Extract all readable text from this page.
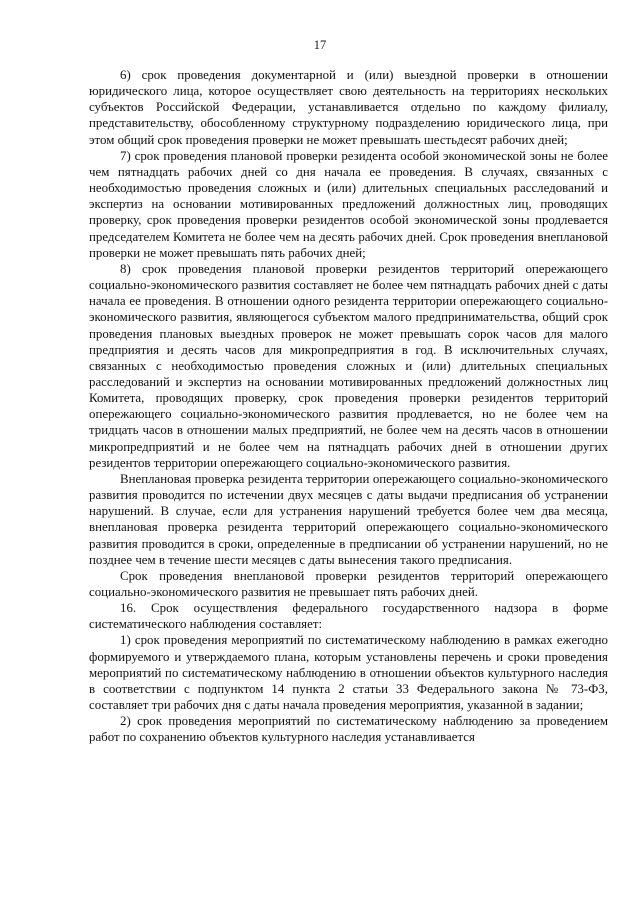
17

6) срок проведения документарной и (или) выездной проверки в отношении юридического лица, которое осуществляет свою деятельность на территориях нескольких субъектов Российской Федерации, устанавливается отдельно по каждому филиалу, представительству, обособленному структурному подразделению юридического лица, при этом общий срок проведения проверки не может превышать шестьдесят рабочих дней;

7) срок проведения плановой проверки резидента особой экономической зоны не более чем пятнадцать рабочих дней со дня начала ее проведения. В случаях, связанных с необходимостью проведения сложных и (или) длительных специальных расследований и экспертиз на основании мотивированных предложений должностных лиц, проводящих проверку, срок проведения проверки резидентов особой экономической зоны продлевается председателем Комитета не более чем на десять рабочих дней. Срок проведения внеплановой проверки не может превышать пять рабочих дней;

8) срок проведения плановой проверки резидентов территорий опережающего социально-экономического развития составляет не более чем пятнадцать рабочих дней с даты начала ее проведения. В отношении одного резидента территории опережающего социально-экономического развития, являющегося субъектом малого предпринимательства, общий срок проведения плановых выездных проверок не может превышать сорок часов для малого предприятия и десять часов для микропредприятия в год. В исключительных случаях, связанных с необходимостью проведения сложных и (или) длительных специальных расследований и экспертиз на основании мотивированных предложений должностных лиц Комитета, проводящих проверку, срок проведения проверки резидентов территорий опережающего социально-экономического развития продлевается, но не более чем на тридцать часов в отношении малых предприятий, не более чем на десять часов в отношении микропредприятий и не более чем на пятнадцать рабочих дней в отношении других резидентов территории опережающего социально-экономического развития.

Внеплановая проверка резидента территории опережающего социально-экономического развития проводится по истечении двух месяцев с даты выдачи предписания об устранении нарушений. В случае, если для устранения нарушений требуется более чем два месяца, внеплановая проверка резидента территорий опережающего социально-экономического развития проводится в сроки, определенные в предписании об устранении нарушений, но не позднее чем в течение шести месяцев с даты вынесения такого предписания.

Срок проведения внеплановой проверки резидентов территорий опережающего социально-экономического развития не превышает пять рабочих дней.

16. Срок осуществления федерального государственного надзора в форме систематического наблюдения составляет:

1) срок проведения мероприятий по систематическому наблюдению в рамках ежегодно формируемого и утверждаемого плана, которым установлены перечень и сроки проведения мероприятий по систематическому наблюдению в отношении объектов культурного наследия в соответствии с подпунктом 14 пункта 2 статьи 33 Федерального закона № 73-ФЗ, составляет три рабочих дня с даты начала проведения мероприятия, указанной в задании;

2) срок проведения мероприятий по систематическому наблюдению за проведением работ по сохранению объектов культурного наследия устанавливается
